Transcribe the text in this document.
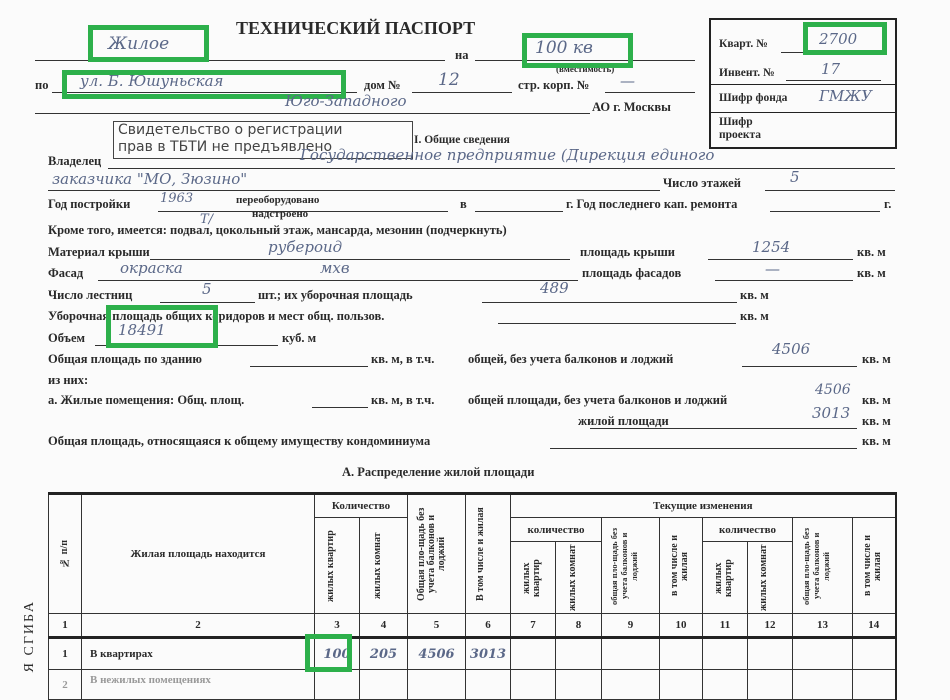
ТЕХНИЧЕСКИЙ ПАСПОРТ
Жилое
на	100 кв
(вместимость)
по ул. Б. Юшуньская	дом № 12	стр. корп. № —
Юго-Западного	АО г. Москвы
Кварт. №	2700
Инвент. №	17
Шифр фонда ГМЖУ
Шифр
проекта
Свидетельство о регистрации
прав в ТБТИ не предъявлено	I. Общие сведения
Владелец	Государственное предприятие (Дирекция единого
заказчика "МО, Зюзино"	Число этажей	5
Год постройки 1963	переоборудовано
надстроено
в	г. Год последнего кап. ремонта	г.
Кроме того, имеется: подвал, цокольный этаж, мансарда, мезонин (подчеркнуть)
Т/
Материал крыши	рубероид	площадь крыши	1254	кв. м
Фасад окраска	мхв	площадь фасадов	—	кв. м
Число лестниц	5	шт.; их уборочная площадь	489	кв. м
Уборочная площадь общих коридоров и мест общ. пользов.	кв. м
Объем 18491	куб. м
Общая площадь по зданию	кв. м, в т.ч.	общей, без учета балконов и лоджий
4506
кв. м
из них:
а. Жилые помещения: Общ. площ.	кв. м, в т.ч.	общей площади, без учета балконов и лоджий
4506
кв. м
жилой площади	3013 кв. м
Общая площадь, относящаяся к общему имуществу кондоминиума	кв. м
А. Распределение жилой площади
Я СГИБА
№ п/п	Жилая площадь находится	Количество		Общая пло-щадь без учета балконов и лоджий	В том числе и жилая	Текущие изменения							

		жилых квартир	жилых комнат			количество		общая пло-щадь без учета балконов и лоджий	в том числе и жилая	количество		общая пло-щадь без учета балконов и лоджий	в том числе и жилая

						жилых квартир	жилых комнат			жилых квартир	жилых комнат		

1	2	3	4	5	6	7	8	9	10	11	12	13	14
1	В квартирах	100	205	4506	3013								
2	В нежилых помещениях												
